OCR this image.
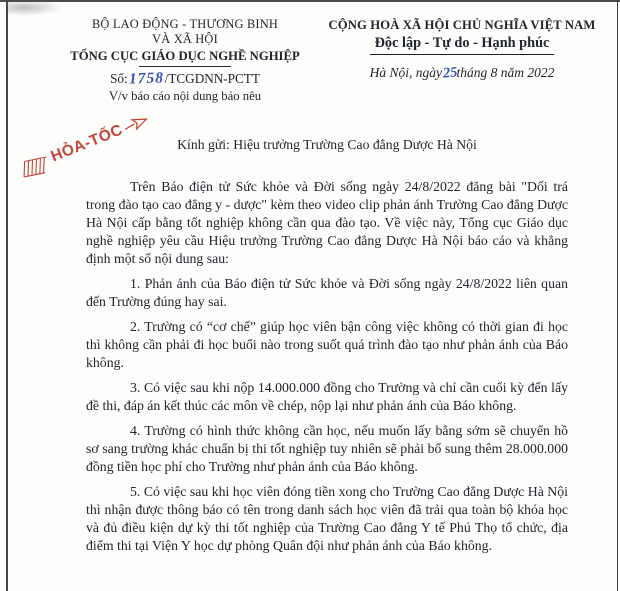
BỘ LAO ĐỘNG - THƯƠNG BINH
VÀ XÃ HỘI
TỔNG CỤC GIÁO DỤC NGHỀ NGHIỆP
Số:1758/TCGDNN-PCTT
V/v báo cáo nội dung báo nêu
CỘNG HOÀ XÃ HỘI CHỦ NGHĨA VIỆT NAM
Độc lập - Tự do - Hạnh phúc
Hà Nội, ngày25tháng 8 năm 2022
HỎA-TỐC	Kính gửi: Hiệu trưởng Trường Cao đẳng Dược Hà Nội

Trên Báo điện tử Sức khỏe và Đời sống ngày 24/8/2022 đăng bài "Dối trá trong đào tạo cao đẳng y - dược" kèm theo video clip phản ánh Trường Cao đẳng Dược Hà Nội cấp bằng tốt nghiệp không cần qua đào tạo. Về việc này, Tổng cục Giáo dục nghề nghiệp yêu cầu Hiệu trưởng Trường Cao đẳng Dược Hà Nội báo cáo và khẳng định một số nội dung sau:

1. Phản ánh của Báo điện tử Sức khỏe và Đời sống ngày 24/8/2022 liên quan đến Trường đúng hay sai.

2. Trường có “cơ chế” giúp học viên bận công việc không có thời gian đi học thì không cần phải đi học buổi nào trong suốt quá trình đào tạo như phản ánh của Báo không.

3. Có việc sau khi nộp 14.000.000 đồng cho Trường và chỉ cần cuối kỳ đến lấy đề thi, đáp án kết thúc các môn về chép, nộp lại như phản ánh của Báo không.

4. Trường có hình thức không cần học, nếu muốn lấy bằng sớm sẽ chuyển hồ sơ sang trường khác chuẩn bị thi tốt nghiệp tuy nhiên sẽ phải bổ sung thêm 28.000.000 đồng tiền học phí cho Trường như phản ánh của Báo không.

5. Có việc sau khi học viên đóng tiền xong cho Trường Cao đẳng Dược Hà Nội thì nhận được thông báo có tên trong danh sách học viên đã trải qua toàn bộ khóa học và đủ điều kiện dự kỳ thi tốt nghiệp của Trường Cao đẳng Y tế Phú Thọ tổ chức, địa điểm thi tại Viện Y học dự phòng Quân đội như phản ánh của Báo không.
